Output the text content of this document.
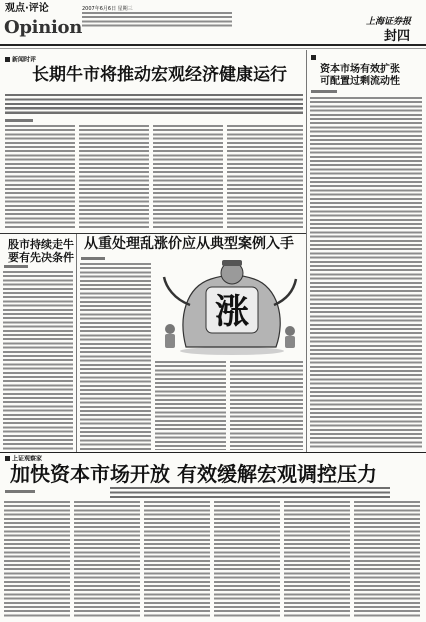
观点·评论
Opinion
2007年6月6日 星期三
上海证券报
封四
新闻时评
长期牛市将推动宏观经济健康运行	资本市场有效扩张
可配置过剩流动性
股市持续走牛
要有先决条件
从重处理乱涨价应从典型案例入手
涨
上证观察家
加快资本市场开放 有效缓解宏观调控压力
